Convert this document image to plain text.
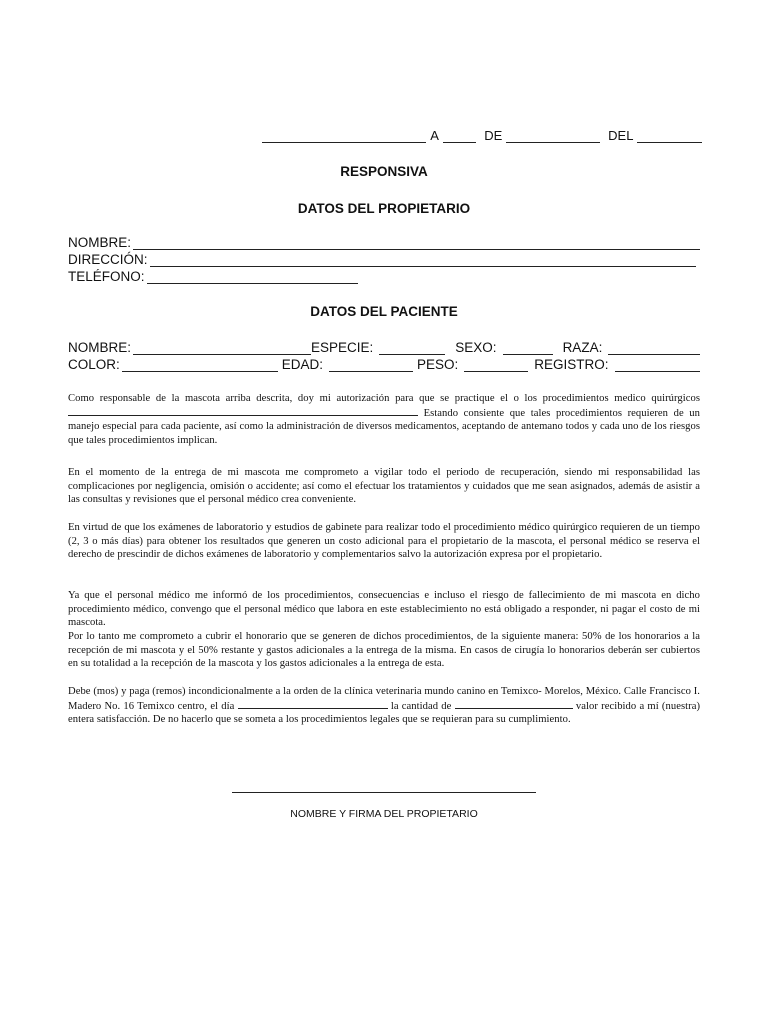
A	DE	DEL
RESPONSIVA
DATOS DEL PROPIETARIO
NOMBRE:
DIRECCIÓN:
TELÉFONO:
DATOS DEL PACIENTE
NOMBRE:	ESPECIE:	SEXO:	RAZA:
COLOR:	EDAD:	PESO:	REGISTRO:
Como responsable de la mascota arriba descrita, doy mi autorización para que se practique el o los procedimientos medico quirúrgicos  Estando consiente que tales procedimientos requieren de un manejo especial para cada paciente, así como la administración de diversos medicamentos, aceptando de antemano todos y cada uno de los riesgos que tales procedimientos implican.
En el momento de la entrega de mi mascota me comprometo a vigilar todo el periodo de recuperación, siendo mi responsabilidad las complicaciones por negligencia, omisión o accidente; así como el efectuar los tratamientos y cuidados que me sean asignados, además de asistir a las consultas y revisiones que el personal médico crea conveniente.
En virtud de que los exámenes de laboratorio y estudios de gabinete para realizar todo el procedimiento médico quirúrgico requieren de un tiempo (2, 3 o más días) para obtener los resultados que generen un costo adicional para el propietario de la mascota, el personal médico se reserva el derecho de prescindir de dichos exámenes de laboratorio y complementarios salvo la autorización expresa por el propietario.
Ya que el personal médico me informó de los procedimientos, consecuencias e incluso el riesgo de fallecimiento de mi mascota en dicho procedimiento médico, convengo que el personal médico que labora en este establecimiento no está obligado a responder, ni pagar el costo de mi mascota.
Por lo tanto me comprometo a cubrir el honorario que se generen de dichos procedimientos, de la siguiente manera: 50% de los honorarios a la recepción de mi mascota y el 50% restante y gastos adicionales a la entrega de la misma. En casos de cirugía lo honorarios deberán ser cubiertos en su totalidad a la recepción de la mascota y los gastos adicionales a la entrega de esta.
Debe (mos) y paga (remos) incondicionalmente a la orden de la clínica veterinaria mundo canino en Temixco- Morelos, México. Calle Francisco I. Madero No. 16 Temixco centro, el día	la cantidad de	valor recibido a mí (nuestra) entera satisfacción. De no hacerlo que se someta a los procedimientos legales que se requieran para su cumplimiento.
NOMBRE Y FIRMA DEL PROPIETARIO
